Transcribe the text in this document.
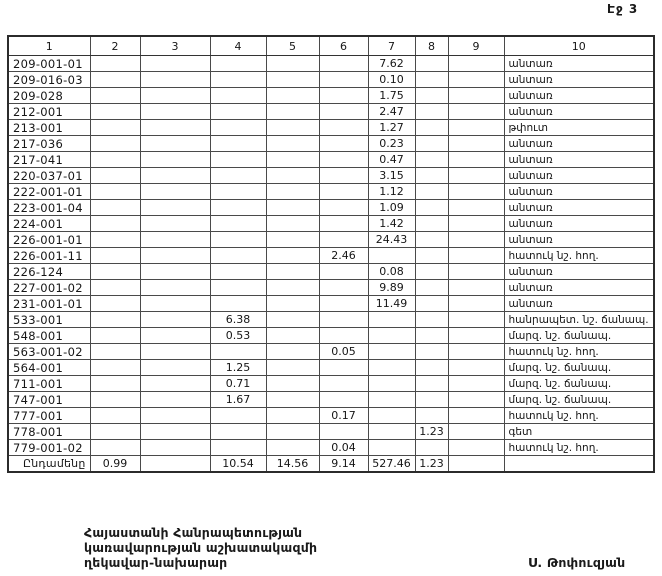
Էջ 3
1	2	3	4	5	6	7	8	9	10
209-001-01						7.62			անտառ
209-016-03						0.10			անտառ
209-028						1.75			անտառ
212-001						2.47			անտառ
213-001						1.27			թփուտ
217-036						0.23			անտառ
217-041						0.47			անտառ
220-037-01						3.15			անտառ
222-001-01						1.12			անտառ
223-001-04						1.09			անտառ
224-001						1.42			անտառ
226-001-01						24.43			անտառ
226-001-11					2.46				հատուկ նշ. հող.
226-124						0.08			անտառ
227-001-02						9.89			անտառ
231-001-01						11.49			անտառ
533-001			6.38						հանրապետ. նշ. ճանապ.
548-001			0.53						մարզ. նշ. ճանապ.
563-001-02					0.05				հատուկ նշ. հող.
564-001			1.25						մարզ. նշ. ճանապ.
711-001			0.71						մարզ. նշ. ճանապ.
747-001			1.67						մարզ. նշ. ճանապ.
777-001					0.17				հատուկ նշ. հող.
778-001							1.23		գետ
779-001-02					0.04				հատուկ նշ. հող.
Ընդամենը	0.99		10.54	14.56	9.14	527.46	1.23		
Հայաստանի Հանրապետության
կառավարության աշխատակազմի
ղեկավար-նախարար	Ս. Թոփուզյան
